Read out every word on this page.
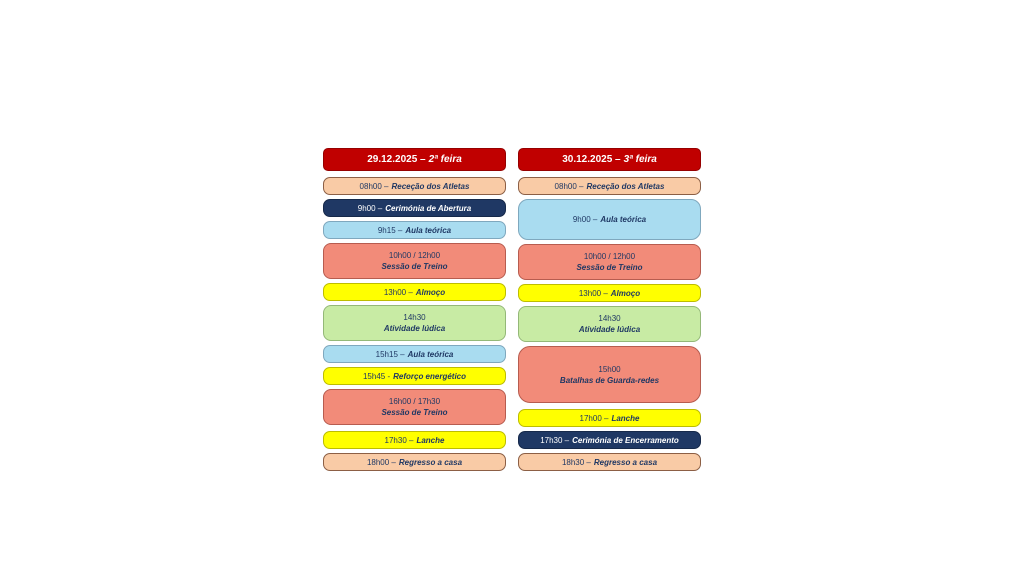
29.12.2025 – 2ª feira
08h00 – Receção dos Atletas
9h00 – Cerimónia de Abertura
9h15 – Aula teórica
10h00 / 12h00
Sessão de Treino
13h00 – Almoço
14h30
Atividade lúdica
15h15 – Aula teórica
15h45 - Reforço energético
16h00 / 17h30
Sessão de Treino
17h30 – Lanche
18h00 – Regresso a casa
30.12.2025 – 3ª feira
08h00 – Receção dos Atletas
9h00 – Aula teórica
10h00 / 12h00
Sessão de Treino
13h00 – Almoço
14h30
Atividade lúdica
15h00
Batalhas de Guarda-redes
17h00 – Lanche
17h30 – Cerimónia de Encerramento
18h30 – Regresso a casa
